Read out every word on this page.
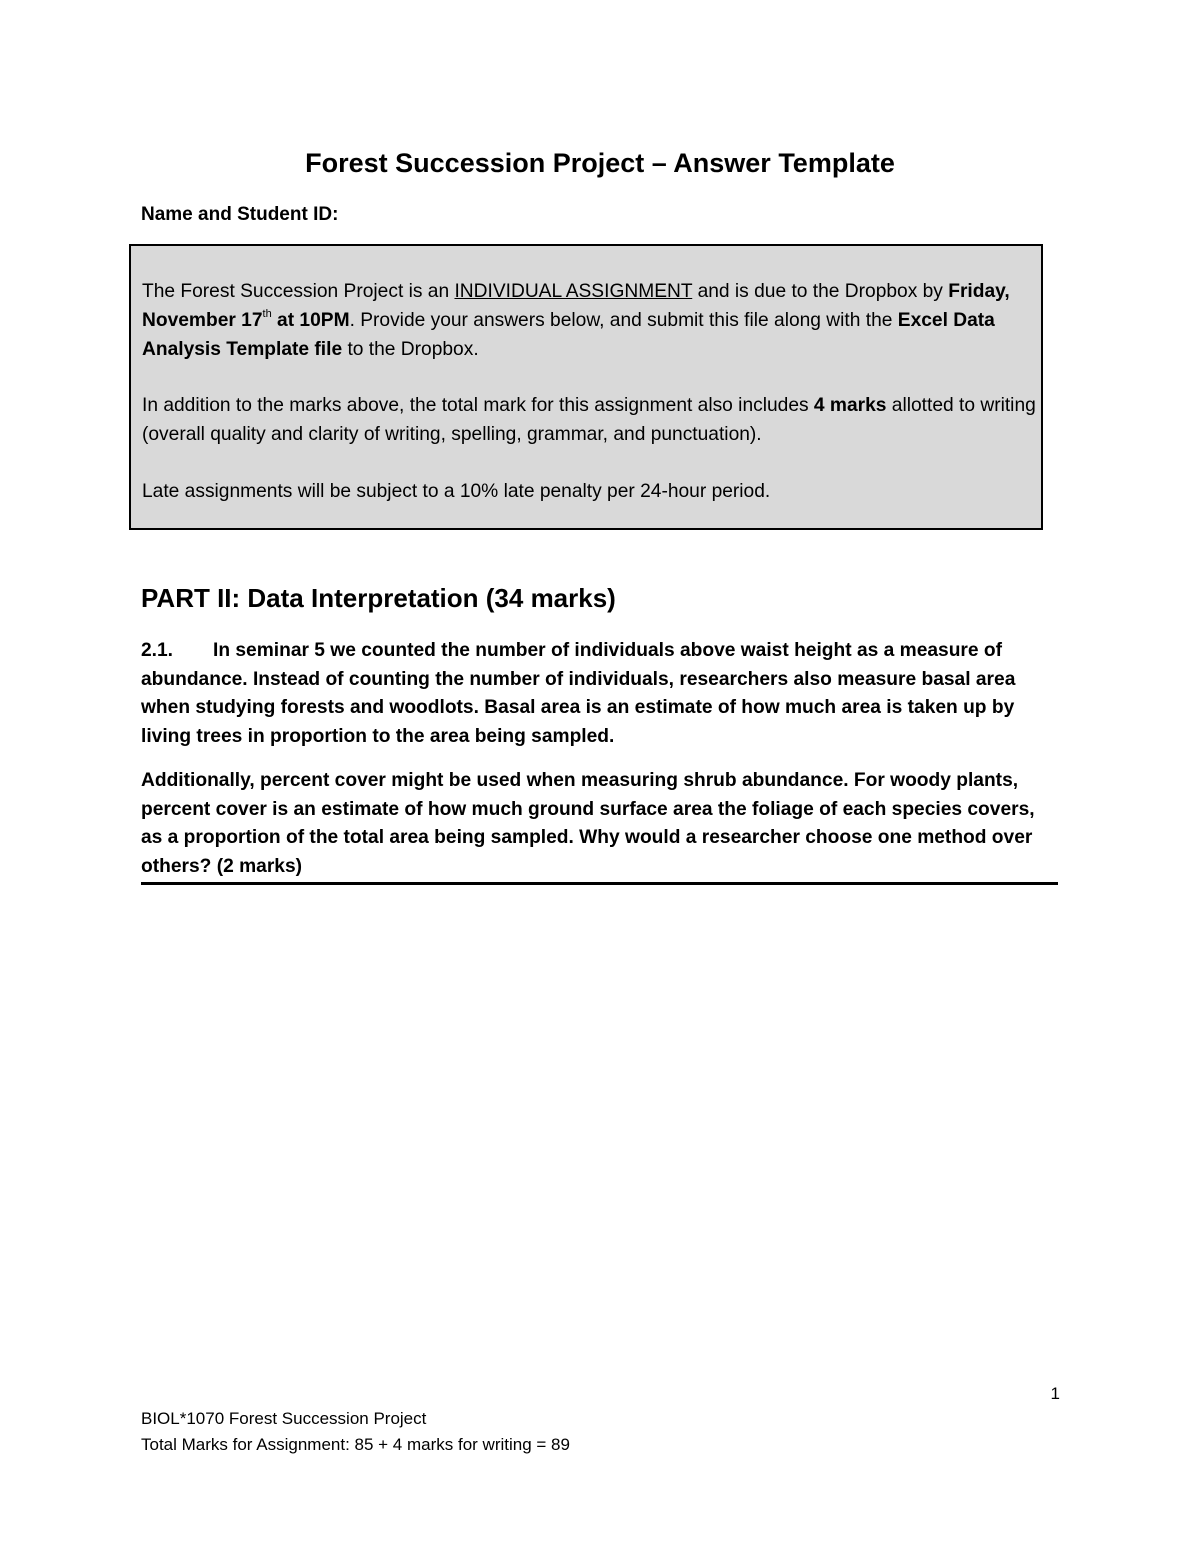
Forest Succession Project – Answer Template
Name and Student ID:

The Forest Succession Project is an INDIVIDUAL ASSIGNMENT and is due to the Dropbox by Friday, November 17th at 10PM. Provide your answers below, and submit this file along with the Excel Data Analysis Template file to the Dropbox.

In addition to the marks above, the total mark for this assignment also includes 4 marks allotted to writing (overall quality and clarity of writing, spelling, grammar, and punctuation).

Late assignments will be subject to a 10% late penalty per 24-hour period.

PART II: Data Interpretation (34 marks)

2.1. In seminar 5 we counted the number of individuals above waist height as a measure of abundance. Instead of counting the number of individuals, researchers also measure basal area when studying forests and woodlots. Basal area is an estimate of how much area is taken up by living trees in proportion to the area being sampled.

Additionally, percent cover might be used when measuring shrub abundance. For woody plants, percent cover is an estimate of how much ground surface area the foliage of each species covers, as a proportion of the total area being sampled. Why would a researcher choose one method over others? (2 marks)

1
BIOL*1070 Forest Succession Project
Total Marks for Assignment: 85 + 4 marks for writing = 89
